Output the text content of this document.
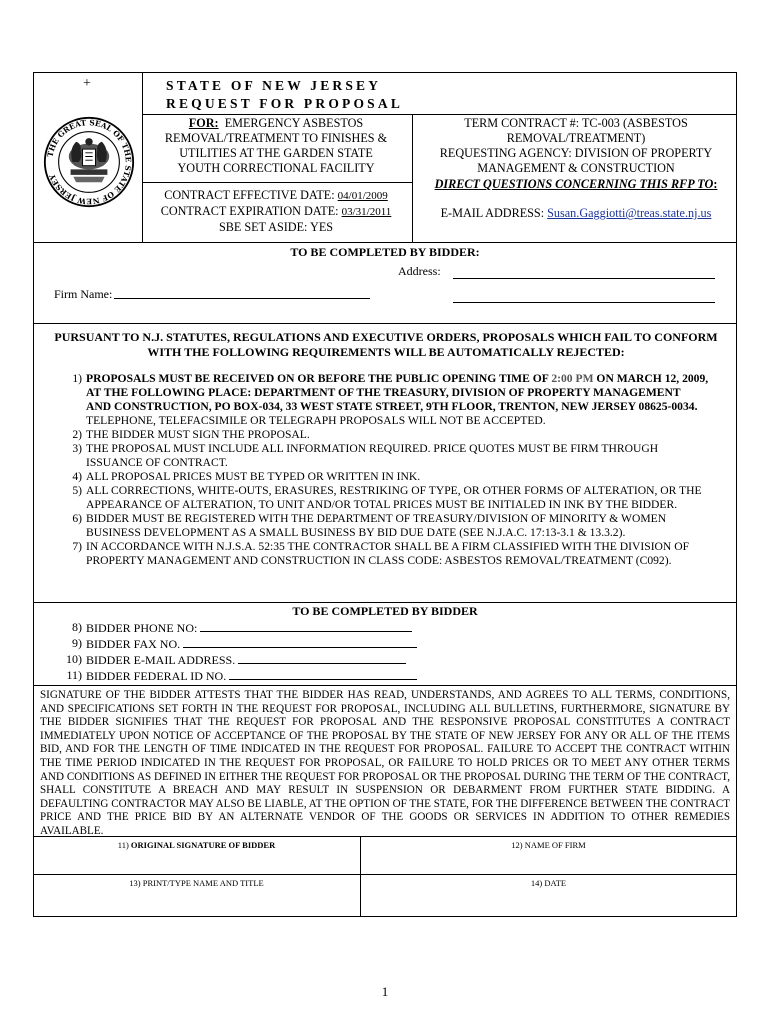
+	STATE OF NEW JERSEY
REQUEST FOR PROPOSAL
THE GREAT SEAL OF THE STATE OF NEW JERSEY
FOR: EMERGENCY ASBESTOS
REMOVAL/TREATMENT TO FINISHES &
UTILITIES AT THE GARDEN STATE
YOUTH CORRECTIONAL FACILITY
CONTRACT EFFECTIVE DATE: 04/01/2009
CONTRACT EXPIRATION DATE: 03/31/2011
SBE SET ASIDE: YES
TERM CONTRACT #: TC-003 (ASBESTOS
REMOVAL/TREATMENT)
REQUESTING AGENCY: DIVISION OF PROPERTY
MANAGEMENT & CONSTRUCTION
DIRECT QUESTIONS CONCERNING THIS RFP TO:
E-MAIL ADDRESS: Susan.Gaggiotti@treas.state.nj.us
TO BE COMPLETED BY BIDDER:
Address:
Firm Name:
PURSUANT TO N.J. STATUTES, REGULATIONS AND EXECUTIVE ORDERS, PROPOSALS WHICH FAIL TO CONFORM
WITH THE FOLLOWING REQUIREMENTS WILL BE AUTOMATICALLY REJECTED:
1) PROPOSALS MUST BE RECEIVED ON OR BEFORE THE PUBLIC OPENING TIME OF 2:00 PM ON MARCH 12, 2009,
AT THE FOLLOWING PLACE: DEPARTMENT OF THE TREASURY, DIVISION OF PROPERTY MANAGEMENT
AND CONSTRUCTION, PO BOX-034, 33 WEST STATE STREET, 9TH FLOOR, TRENTON, NEW JERSEY 08625-0034.
TELEPHONE, TELEFACSIMILE OR TELEGRAPH PROPOSALS WILL NOT BE ACCEPTED.
2) THE BIDDER MUST SIGN THE PROPOSAL.
3) THE PROPOSAL MUST INCLUDE ALL INFORMATION REQUIRED. PRICE QUOTES MUST BE FIRM THROUGH
ISSUANCE OF CONTRACT.
4) ALL PROPOSAL PRICES MUST BE TYPED OR WRITTEN IN INK.
5) ALL CORRECTIONS, WHITE-OUTS, ERASURES, RESTRIKING OF TYPE, OR OTHER FORMS OF ALTERATION, OR THE
APPEARANCE OF ALTERATION, TO UNIT AND/OR TOTAL PRICES MUST BE INITIALED IN INK BY THE BIDDER.
6) BIDDER MUST BE REGISTERED WITH THE DEPARTMENT OF TREASURY/DIVISION OF MINORITY & WOMEN
BUSINESS DEVELOPMENT AS A SMALL BUSINESS BY BID DUE DATE (SEE N.J.A.C. 17:13-3.1 & 13.3.2).
7) IN ACCORDANCE WITH N.J.S.A. 52:35 THE CONTRACTOR SHALL BE A FIRM CLASSIFIED WITH THE DIVISION OF
PROPERTY MANAGEMENT AND CONSTRUCTION IN CLASS CODE: ASBESTOS REMOVAL/TREATMENT (C092).
TO BE COMPLETED BY BIDDER
8) BIDDER PHONE NO:
9) BIDDER FAX NO.
10) BIDDER E-MAIL ADDRESS.
11) BIDDER FEDERAL ID NO.
SIGNATURE OF THE BIDDER ATTESTS THAT THE BIDDER HAS READ, UNDERSTANDS, AND AGREES TO ALL TERMS, CONDITIONS, AND SPECIFICATIONS SET FORTH IN THE REQUEST FOR PROPOSAL, INCLUDING ALL BULLETINS, FURTHERMORE, SIGNATURE BY THE BIDDER SIGNIFIES THAT THE REQUEST FOR PROPOSAL AND THE RESPONSIVE PROPOSAL CONSTITUTES A CONTRACT IMMEDIATELY UPON NOTICE OF ACCEPTANCE OF THE PROPOSAL BY THE STATE OF NEW JERSEY FOR ANY OR ALL OF THE ITEMS BID, AND FOR THE LENGTH OF TIME INDICATED IN THE REQUEST FOR PROPOSAL. FAILURE TO ACCEPT THE CONTRACT WITHIN THE TIME PERIOD INDICATED IN THE REQUEST FOR PROPOSAL, OR FAILURE TO HOLD PRICES OR TO MEET ANY OTHER TERMS AND CONDITIONS AS DEFINED IN EITHER THE REQUEST FOR PROPOSAL OR THE PROPOSAL DURING THE TERM OF THE CONTRACT, SHALL CONSTITUTE A BREACH AND MAY RESULT IN SUSPENSION OR DEBARMENT FROM FURTHER STATE BIDDING. A DEFAULTING CONTRACTOR MAY ALSO BE LIABLE, AT THE OPTION OF THE STATE, FOR THE DIFFERENCE BETWEEN THE CONTRACT PRICE AND THE PRICE BID BY AN ALTERNATE VENDOR OF THE GOODS OR SERVICES IN ADDITION TO OTHER REMEDIES AVAILABLE.
11) ORIGINAL SIGNATURE OF BIDDER	12) NAME OF FIRM
13) PRINT/TYPE NAME AND TITLE	14) DATE
1
